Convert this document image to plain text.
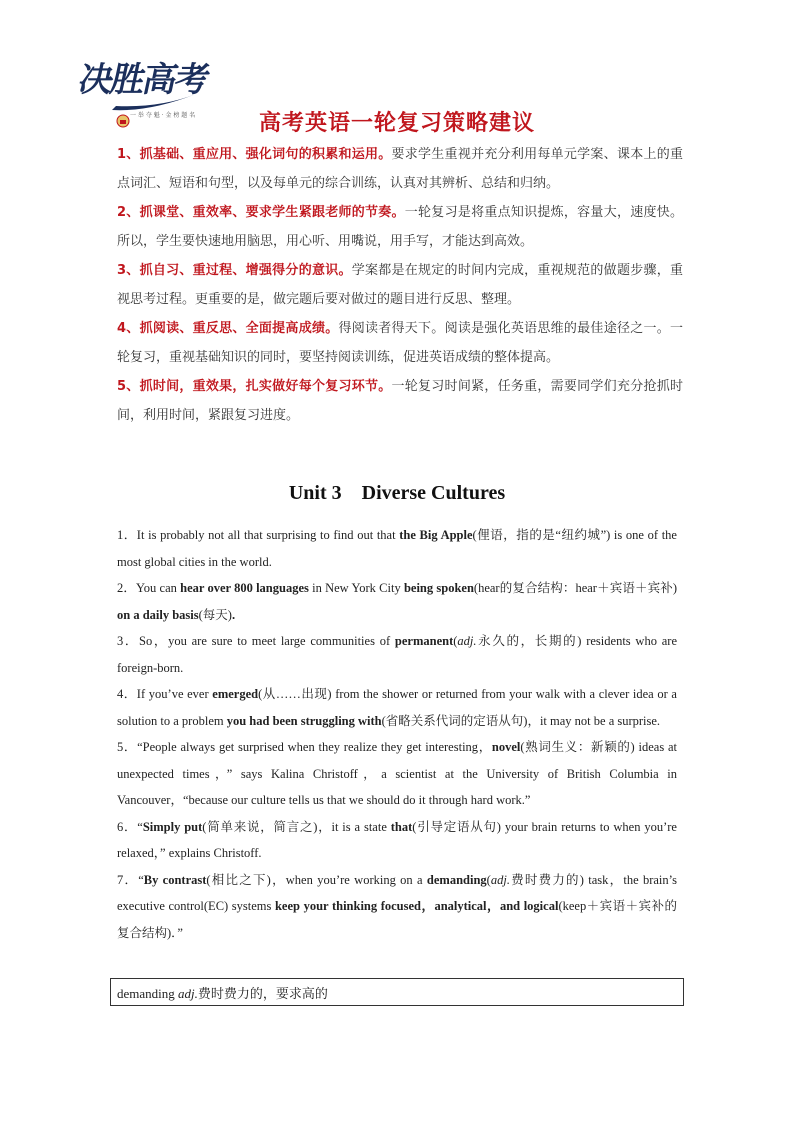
决胜高考
一 举 夺 魁 · 金 榜 题 名	高考英语一轮复习策略建议

1、抓基础、重应用、强化词句的积累和运用。要求学生重视并充分利用每单元学案、课本上的重点词汇、短语和句型，以及每单元的综合训练，认真对其辨析、总结和归纳。

2、抓课堂、重效率、要求学生紧跟老师的节奏。一轮复习是将重点知识提炼，容量大，速度快。所以，学生要快速地用脑思，用心听、用嘴说，用手写，才能达到高效。

3、抓自习、重过程、增强得分的意识。学案都是在规定的时间内完成，重视规范的做题步骤，重视思考过程。更重要的是，做完题后要对做过的题目进行反思、整理。

4、抓阅读、重反思、全面提高成绩。得阅读者得天下。阅读是强化英语思维的最佳途径之一。一轮复习，重视基础知识的同时，要坚持阅读训练，促进英语成绩的整体提高。

5、抓时间，重效果，扎实做好每个复习环节。一轮复习时间紧，任务重，需要同学们充分抢抓时间，利用时间，紧跟复习进度。

Unit 3　Diverse Cultures

1．It is probably not all that surprising to find out that the Big Apple(俚语，指的是“纽约城”) is one of the most global cities in the world.

2．You can hear over 800 languages in New York City being spoken(hear的复合结构：hear＋宾语＋宾补) on a daily basis(每天).

3．So，you are sure to meet large communities of permanent(adj.永久的，长期的) residents who are foreign-born.

4．If you’ve ever emerged(从……出现) from the shower or returned from your walk with a clever idea or a solution to a problem you had been struggling with(省略关系代词的定语从句)，it may not be a surprise.

5．“People always get surprised when they realize they get interesting，novel(熟词生义：新颖的) ideas at unexpected times，” says Kalina Christoff，a scientist at the University of British Columbia in Vancouver，“because our culture tells us that we should do it through hard work.”

6．“Simply put(简单来说，简言之)，it is a state that(引导定语从句) your brain returns to when you’re relaxed，” explains Christoff.

7．“By contrast(相比之下)，when you’re working on a demanding(adj.费时费力的) task，the brain’s executive control(EC) systems keep your thinking focused，analytical，and logical(keep＋宾语＋宾补的复合结构)．”

demanding adj.费时费力的，要求高的
